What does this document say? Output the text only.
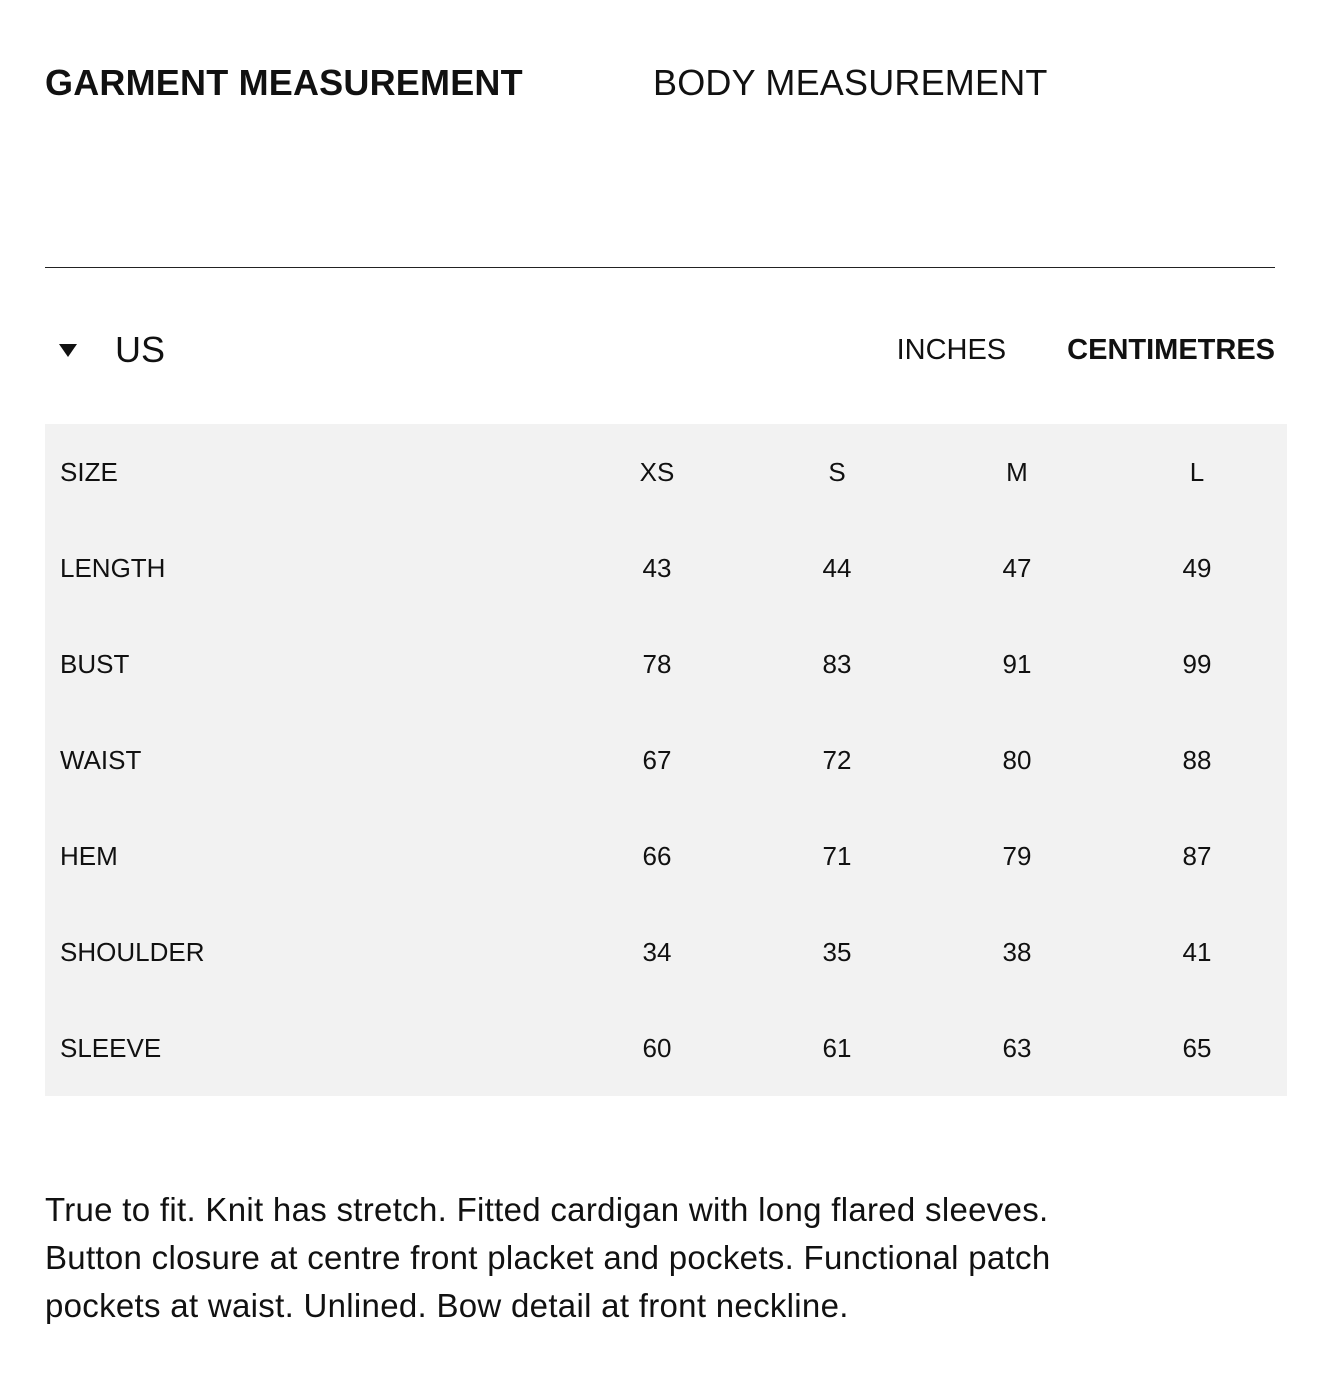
GARMENT MEASUREMENT	BODY MEASUREMENT
US	INCHES CENTIMETRES
SIZE	XS	S	M	L
LENGTH	43	44	47	49
BUST	78	83	91	99
WAIST	67	72	80	88
HEM	66	71	79	87
SHOULDER	34	35	38	41
SLEEVE	60	61	63	65

True to fit. Knit has stretch. Fitted cardigan with long flared sleeves. Button closure at centre front placket and pockets. Functional patch pockets at waist. Unlined. Bow detail at front neckline.
